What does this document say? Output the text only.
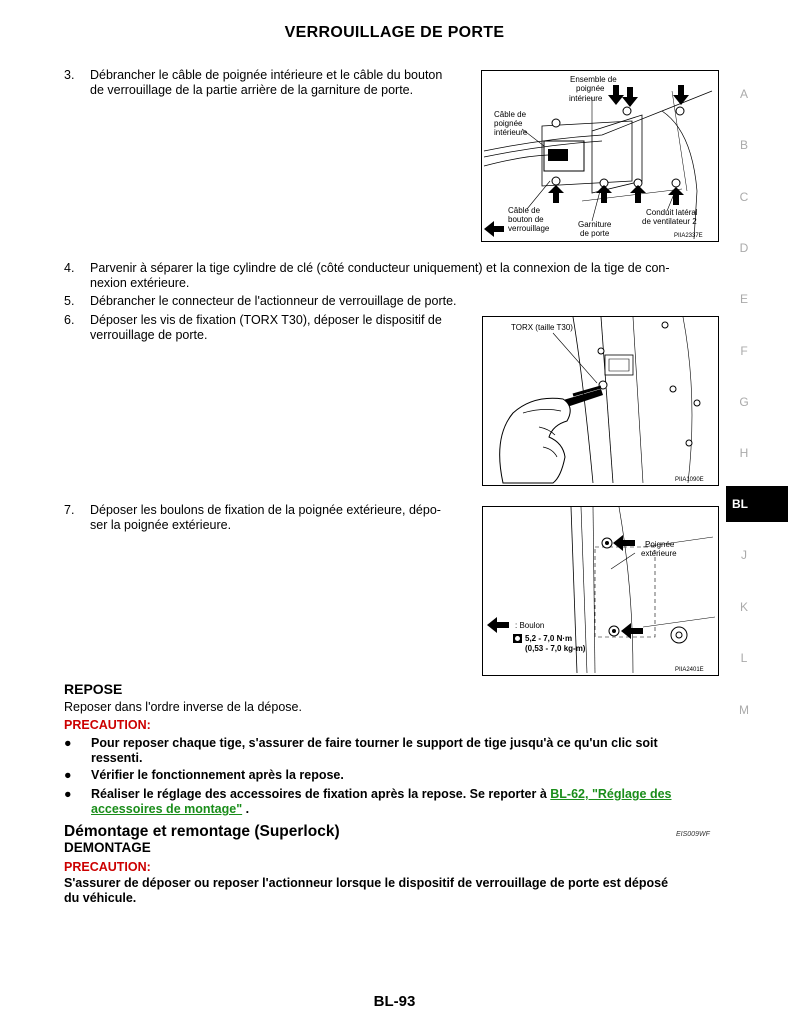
VERROUILLAGE DE PORTE
3. Débrancher le câble de poignée intérieure et le câble du bouton
de verrouillage de la partie arrière de la garniture de porte.
Ensemble de
poignée
intérieure
Câble de
poignée
intérieure
Câble de
bouton de
verrouillage	Garniture
de porte
Conduit latéral
de ventilateur 2
PIIA2337E
4. Parvenir à séparer la tige cylindre de clé (côté conducteur uniquement) et la connexion de la tige de con-
nexion extérieure.
5. Débrancher le connecteur de l'actionneur de verrouillage de porte.
6. Déposer les vis de fixation (TORX T30), déposer le dispositif de
verrouillage de porte.
TORX (taille T30)
PIIA1090E
7. Déposer les boulons de fixation de la poignée extérieure, dépo-
ser la poignée extérieure.
Poignée
extérieure
: Boulon
5,2 - 7,0 N·m
(0,53 - 7,0 kg-m)
PIIA2401E
A
B
C
D
E
F
G
H
J
K
L
M
BL
REPOSE
Reposer dans l'ordre inverse de la dépose.
PRECAUTION:
● Pour reposer chaque tige, s'assurer de faire tourner le support de tige jusqu'à ce qu'un clic soit
ressenti.
● Vérifier le fonctionnement après la repose.
● Réaliser le réglage des accessoires de fixation après la repose. Se reporter à BL-62, "Réglage des
accessoires de montage" .
Démontage et remontage (Superlock)	EIS009WF
DEMONTAGE
PRECAUTION:
S'assurer de déposer ou reposer l'actionneur lorsque le dispositif de verrouillage de porte est déposé
du véhicule.
BL-93
